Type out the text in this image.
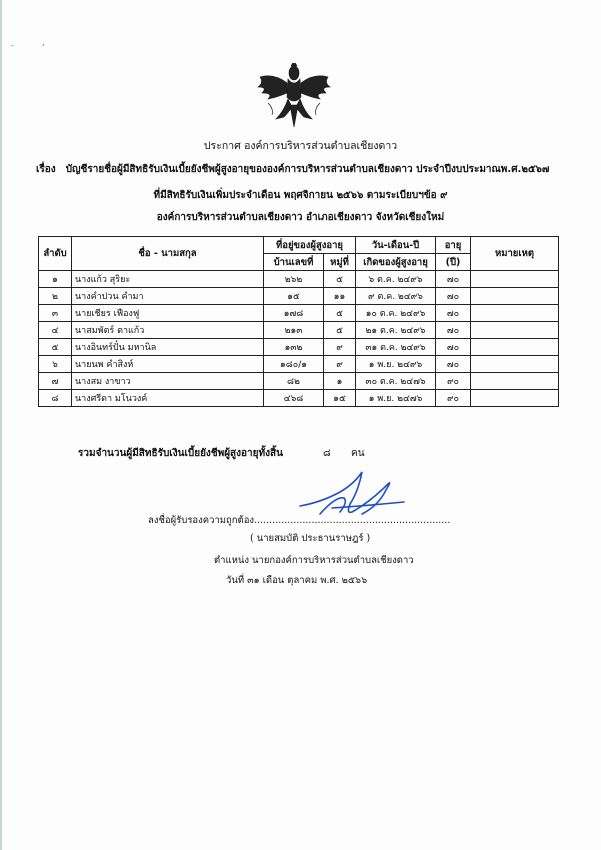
-	,
ประกาศ องค์การบริหารส่วนตำบลเชียงดาว
เรื่อง บัญชีรายชื่อผู้มีสิทธิรับเงินเบี้ยยังชีพผู้สูงอายุขององค์การบริหารส่วนตำบลเชียงดาว ประจำปีงบประมาณพ.ศ.๒๕๖๗
ที่มีสิทธิรับเงินเพิ่มประจำเดือน พฤศจิกายน ๒๕๖๖ ตามระเบียบฯข้อ ๙
องค์การบริหารส่วนตำบลเชียงดาว อำเภอเชียงดาว จังหวัดเชียงใหม่
ลำดับ	ชื่อ - นามสกุล	ที่อยู่ของผู้สูงอายุ		วัน-เดือน-ปี	อายุ	หมายเหตุ
		บ้านเลขที่	หมู่ที่	เกิดของผู้สูงอายุ	(ปี)	
๑	นางแก้ว สุริยะ	๒๖๒	๕	๖ ต.ค. ๒๔๙๖	๗๐	
๒	นางคำปวน คำมา	๑๕	๑๑	๙ ต.ค. ๒๔๙๖	๗๐	
๓	นายเชียร เฟืองฟู	๑๗๘	๕	๑๐ ต.ค. ๒๔๙๖	๗๐	
๔	นาสมพัตร์ ตาแก้ว	๒๑๓	๕	๒๑ ต.ค. ๒๔๙๖	๗๐	
๕	นางอินทร์ปั๋น มหานิล	๑๓๒	๙	๓๑ ต.ค. ๒๔๙๖	๗๐	
๖	นายนพ คำสิงห์	๑๘๐/๑	๙	๑ พ.ย. ๒๔๙๖	๗๐	
๗	นางสม งาขาว	๘๒	๑	๓๐ ต.ค. ๒๔๗๖	๙๐	
๘	นางศรีดา มโนวงค์	๔๖๘	๑๕	๑ พ.ย. ๒๔๗๖	๙๐	
รวมจำนวนผู้มีสิทธิรับเงินเบี้ยยังชีพผู้สูงอายุทั้งสิ้น	๘ คน
ลงชื่อผู้รับรองความถูกต้อง.................................................................
( นายสมบัติ ประธานราษฎร์ )
ตำแหน่ง นายกองค์การบริหารส่วนตำบลเชียงดาว
วันที่ ๓๑ เดือน ตุลาคม พ.ศ. ๒๕๖๖
